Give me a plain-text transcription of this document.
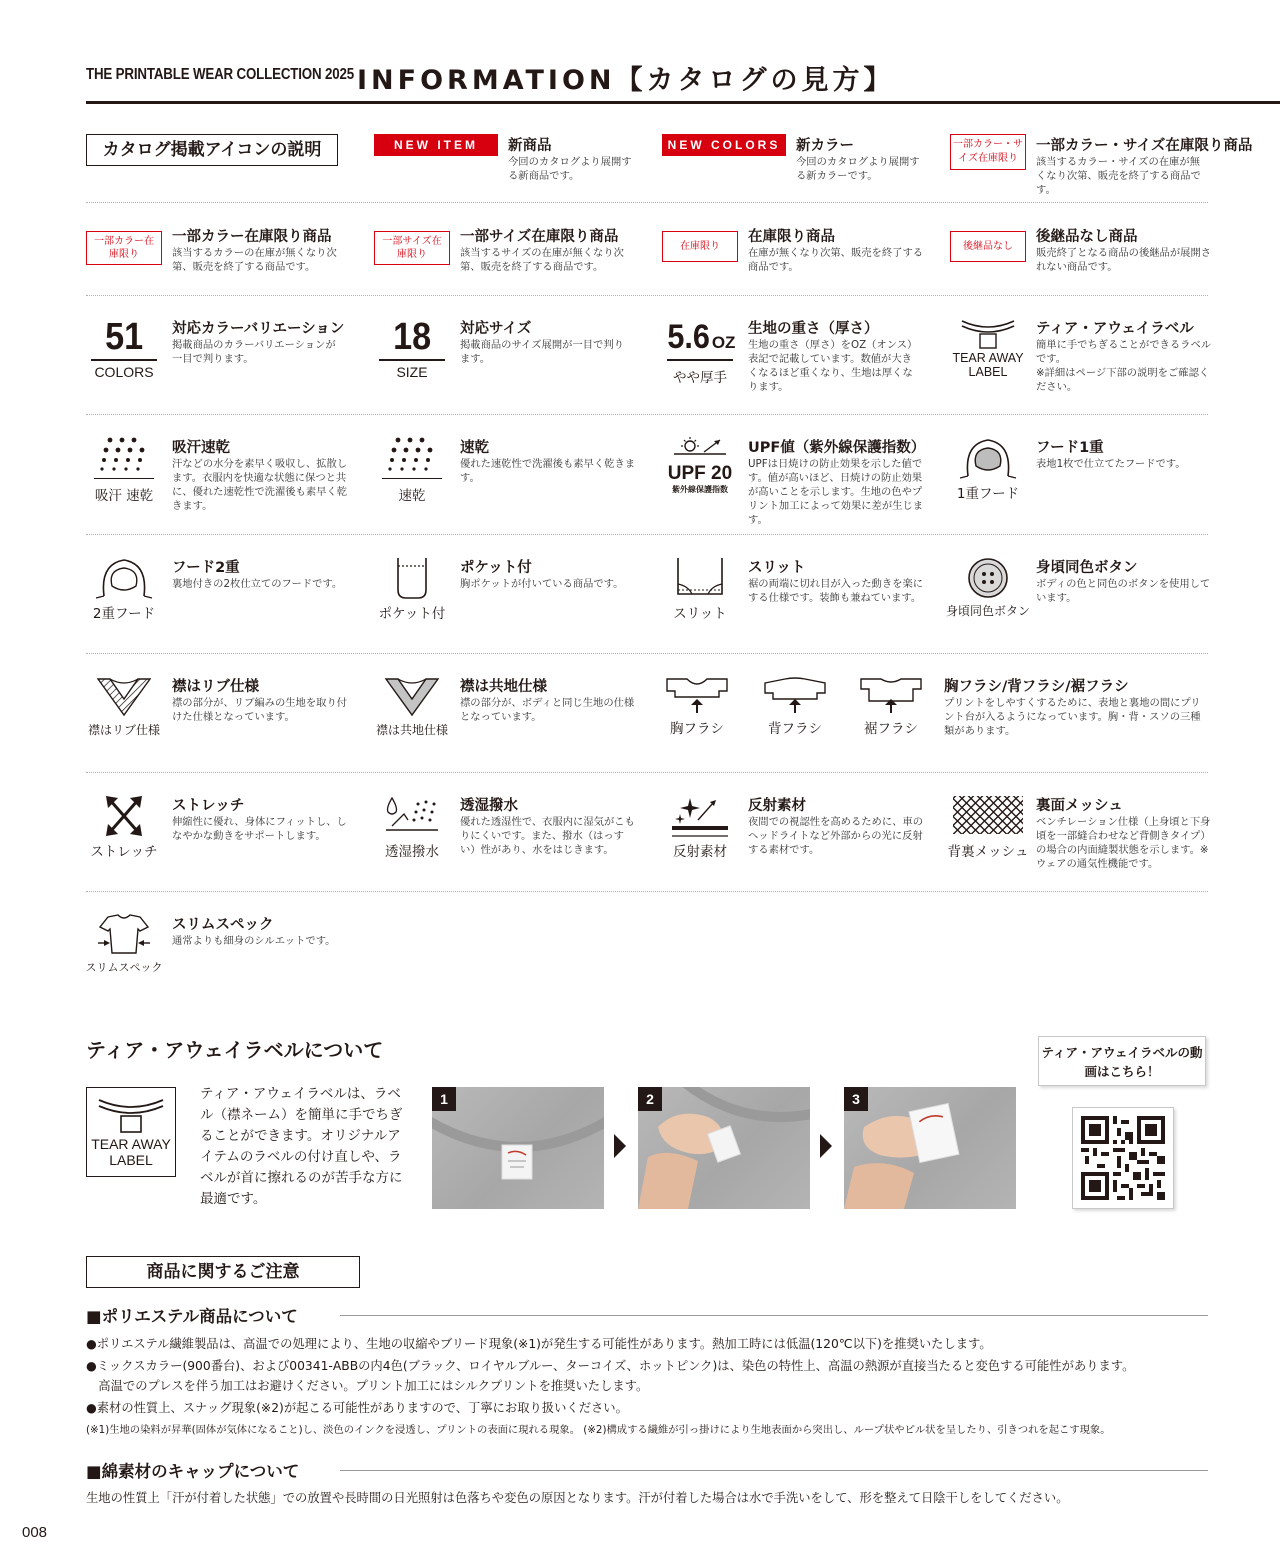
THE PRINTABLE WEAR COLLECTION 2025 INFORMATION【カタログの見方】
カタログ掲載アイコンの説明	NEW ITEM	新商品
今回のカタログより展開する新商品です。
NEW COLORS	新カラー
今回のカタログより展開する新カラーです。
一部カラー・サイズ在庫限り
一部カラー・サイズ在庫限り商品
該当するカラー・サイズの在庫が無くなり次第、販売を終了する商品です。
一部カラー在庫限り
一部カラー在庫限り商品
該当するカラーの在庫が無くなり次第、販売を終了する商品です。
一部サイズ在庫限り
一部サイズ在庫限り商品
該当するサイズの在庫が無くなり次第、販売を終了する商品です。
在庫限り
在庫限り商品
在庫が無くなり次第、販売を終了する商品です。
後継品なし
後継品なし商品
販売終了となる商品の後継品が展開されない商品です。
51
COLORS
対応カラーバリエーション
掲載商品のカラーバリエーションが一目で判ります。
18
SIZE
対応サイズ
掲載商品のサイズ展開が一目で判ります。
5.6 OZ
やや厚手
生地の重さ（厚さ）
生地の重さ（厚さ）をOZ（オンス）表記で記載しています。数値が大きくなるほど重くなり、生地は厚くなります。
TEAR AWAY LABEL
ティア・アウェイラベル
簡単に手でちぎることができるラベルです。
※詳細はページ下部の説明をご確認ください。
吸汗 速乾
吸汗速乾
汗などの水分を素早く吸収し、拡散します。衣服内を快適な状態に保つと共に、優れた速乾性で洗濯後も素早く乾きます。
速乾
速乾
優れた速乾性で洗濯後も素早く乾きます。	UPF 20
紫外線保護指数
UPF値（紫外線保護指数）
UPFは日焼けの防止効果を示した値です。値が高いほど、日焼けの防止効果が高いことを示します。生地の色やプリント加工によって効果に差が生じます。
1重フード
フード1重
表地1枚で仕立てたフードです。
2重フード
フード2重
裏地付きの2枚仕立てのフードです。
ポケット付
ポケット付
胸ポケットが付いている商品です。
スリット
スリット
裾の両端に切れ目が入った動きを楽にする仕様です。装飾も兼ねています。
身頃同色ボタン
身頃同色ボタン
ボディの色と同色のボタンを使用しています。
襟はリブ仕様
襟はリブ仕様
襟の部分が、リブ編みの生地を取り付けた仕様となっています。
襟は共地仕様
襟は共地仕様
襟の部分が、ボディと同じ生地の仕様となっています。
胸フラシ	背フラシ	裾フラシ
胸フラシ/背フラシ/裾フラシ
プリントをしやすくするために、表地と裏地の間にプリント台が入るようになっています。胸・背・スソの三種類があります。
ストレッチ
ストレッチ
伸縮性に優れ、身体にフィットし、しなやかな動きをサポートします。
透湿撥水
透湿撥水
優れた透湿性で、衣服内に湿気がこもりにくいです。また、撥水（はっすい）性があり、水をはじきます。	反射素材
反射素材
夜間での視認性を高めるために、車のヘッドライトなど外部からの光に反射する素材です。	背裏メッシュ
裏面メッシュ
ベンチレーション仕様（上身頃と下身頃を一部縫合わせなど背側きタイプ）の場合の内面縫製状態を示します。※ウェアの通気性機能です。
スリムスペック
スリムスペック
通常よりも細身のシルエットです。
ティア・アウェイラベルについて
TEAR AWAY LABEL
ティア・アウェイラベルは、ラベル（襟ネーム）を簡単に手でちぎることができます。オリジナルアイテムのラベルの付け直しや、ラベルが首に擦れるのが苦手な方に最適です。
1	2	3
ティア・アウェイラベルの動画はこちら！
商品に関するご注意
■ポリエステル商品について
●ポリエステル繊維製品は、高温での処理により、生地の収縮やブリード現象(※1)が発生する可能性があります。熱加工時には低温(120℃以下)を推奨いたします。
●ミックスカラー(900番台)、および00341-ABBの内4色(ブラック、ロイヤルブルー、ターコイズ、ホットピンク)は、染色の特性上、高温の熱源が直接当たると変色する可能性があります。
　高温でのプレスを伴う加工はお避けください。プリント加工にはシルクプリントを推奨いたします。
●素材の性質上、スナッグ現象(※2)が起こる可能性がありますので、丁寧にお取り扱いください。
(※1)生地の染料が昇華(固体が気体になること)し、淡色のインクを浸透し、プリントの表面に現れる現象。 (※2)構成する繊維が引っ掛けにより生地表面から突出し、ループ状やピル状を呈したり、引きつれを起こす現象。
■綿素材のキャップについて
生地の性質上「汗が付着した状態」での放置や長時間の日光照射は色落ちや変色の原因となります。汗が付着した場合は水で手洗いをして、形を整えて日陰干しをしてください。
008
